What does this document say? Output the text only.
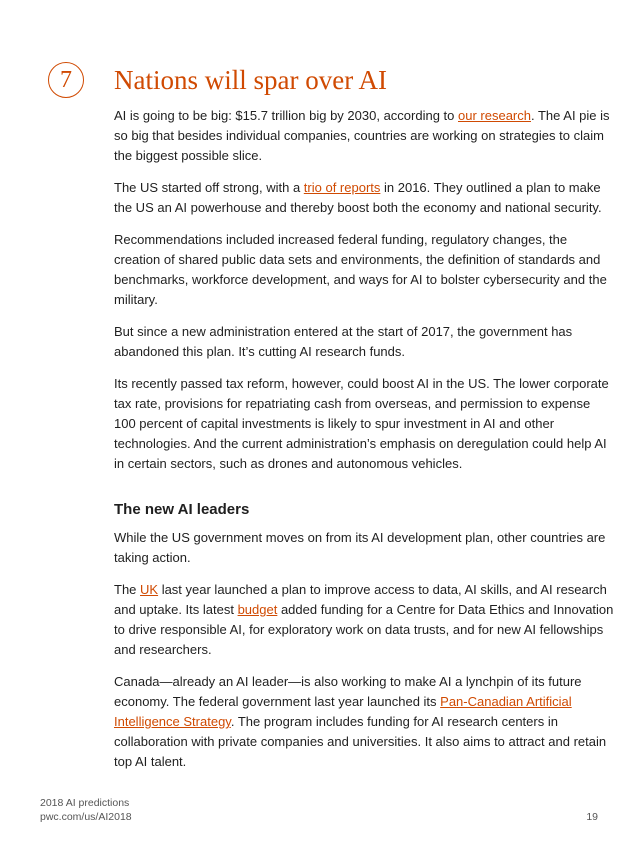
7 Nations will spar over AI

AI is going to be big: $15.7 trillion big by 2030, according to our research. The AI pie is so big that besides individual companies, countries are working on strategies to claim the biggest possible slice.

The US started off strong, with a trio of reports in 2016. They outlined a plan to make the US an AI powerhouse and thereby boost both the economy and national security.

Recommendations included increased federal funding, regulatory changes, the creation of shared public data sets and environments, the definition of standards and benchmarks, workforce development, and ways for AI to bolster cybersecurity and the military.

But since a new administration entered at the start of 2017, the government has abandoned this plan. It’s cutting AI research funds.

Its recently passed tax reform, however, could boost AI in the US. The lower corporate tax rate, provisions for repatriating cash from overseas, and permission to expense 100 percent of capital investments is likely to spur investment in AI and other technologies. And the current administration’s emphasis on deregulation could help AI in certain sectors, such as drones and autonomous vehicles.

The new AI leaders

While the US government moves on from its AI development plan, other countries are taking action.

The UK last year launched a plan to improve access to data, AI skills, and AI research and uptake. Its latest budget added funding for a Centre for Data Ethics and Innovation to drive responsible AI, for exploratory work on data trusts, and for new AI fellowships and researchers.

Canada—already an AI leader—is also working to make AI a lynchpin of its future economy. The federal government last year launched its Pan-Canadian Artificial Intelligence Strategy. The program includes funding for AI research centers in collaboration with private companies and universities. It also aims to attract and retain top AI talent.

2018 AI predictions
pwc.com/us/AI2018	19
